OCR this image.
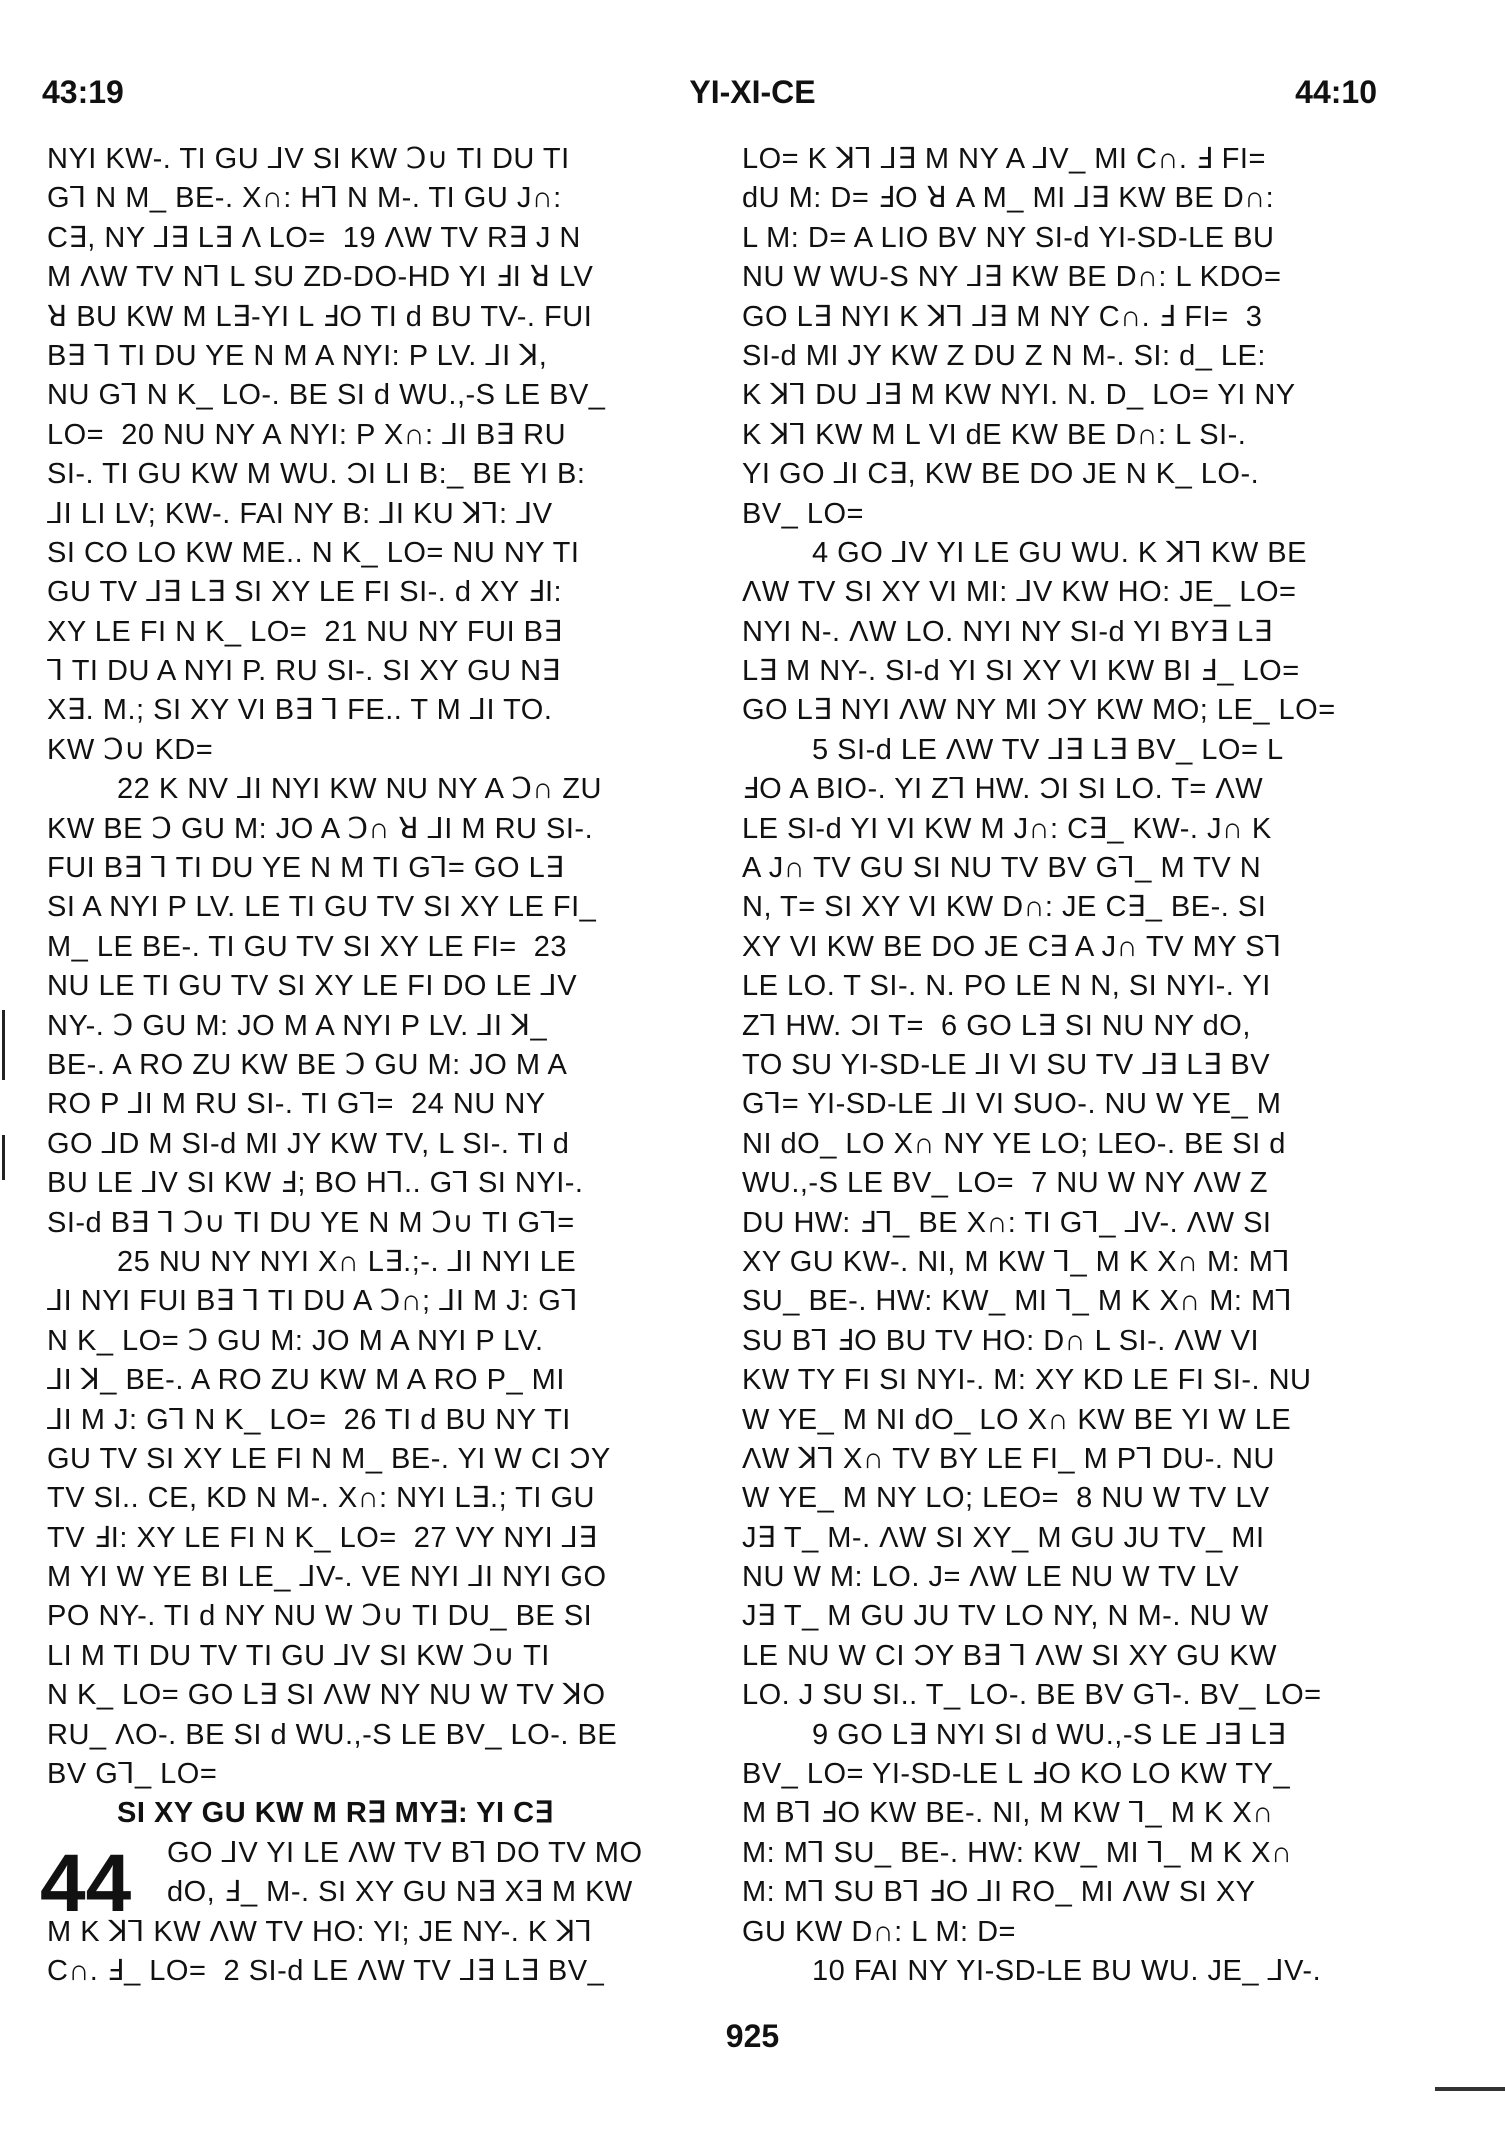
43:19	YI-XI-CE	44:10
NYI KW-. TI GU ⅃V SI KW Ↄ∪ TI DU TI
G⅂ N M_ BE-. X∩: H⅂ N M-. TI GU J∩:
C∃, NY ⅃∃ L∃ Λ LO=  19 ΛW TV R∃ J N
M ΛW TV N⅂ L SU ZD-DO-HD YI ℲI ꓤ LV
ꓤ BU KW M L∃-YI L ℲO TI d BU TV-. FUI
B∃ ⅂ TI DU YE N M A NYI: P LV. ⅃I ꓘ,
NU G⅂ N K_ LO-. BE SI d WU.,-S LE BV_
LO=  20 NU NY A NYI: P X∩: ⅃I B∃ RU
SI-. TI GU KW M WU. ƆI LI B:_ BE YI B:
⅃I LI LV; KW-. FAI NY B: ⅃I KU ꓘ⅂: ⅃V
SI CO LO KW ME.. N K_ LO= NU NY TI
GU TV ⅃∃ L∃ SI XY LE FI SI-. d XY ℲI:
XY LE FI N K_ LO=  21 NU NY FUI B∃
⅂ TI DU A NYI P. RU SI-. SI XY GU N∃
X∃. M.; SI XY VI B∃ ⅂ FE.. T M ⅃I TO.
KW Ↄ∪ KD=
22 K NV ⅃I NYI KW NU NY A Ↄ∩ ZU
KW BE Ↄ GU M: JO A Ↄ∩ ꓤ ⅃I M RU SI-.
FUI B∃ ⅂ TI DU YE N M TI G⅂= GO L∃
SI A NYI P LV. LE TI GU TV SI XY LE FI_
M_ LE BE-. TI GU TV SI XY LE FI=  23
NU LE TI GU TV SI XY LE FI DO LE ⅃V
NY-. Ↄ GU M: JO M A NYI P LV. ⅃I ꓘ_
BE-. A RO ZU KW BE Ↄ GU M: JO M A
RO P ⅃I M RU SI-. TI G⅂=  24 NU NY
GO ⅃D M SI-d MI JY KW TV, L SI-. TI d
BU LE ⅃V SI KW Ⅎ; BO H⅂.. G⅂ SI NYI-.
SI-d B∃ ⅂ Ↄ∪ TI DU YE N M Ↄ∪ TI G⅂=
25 NU NY NYI X∩ L∃.;-. ⅃I NYI LE
⅃I NYI FUI B∃ ⅂ TI DU A Ↄ∩; ⅃I M J: G⅂
N K_ LO= Ↄ GU M: JO M A NYI P LV.
⅃I ꓘ_ BE-. A RO ZU KW M A RO P_ MI
⅃I M J: G⅂ N K_ LO=  26 TI d BU NY TI
GU TV SI XY LE FI N M_ BE-. YI W CI ƆY
TV SI.. CE, KD N M-. X∩: NYI L∃.; TI GU
TV ℲI: XY LE FI N K_ LO=  27 VY NYI ⅃∃
M YI W YE BI LE_ ⅃V-. VE NYI ⅃I NYI GO
PO NY-. TI d NY NU W Ↄ∪ TI DU_ BE SI
LI M TI DU TV TI GU ⅃V SI KW Ↄ∪ TI
N K_ LO= GO L∃ SI ΛW NY NU W TV ꓘO
RU_ ΛO-. BE SI d WU.,-S LE BV_ LO-. BE
BV G⅂_ LO=
SI XY GU KW M R∃ MY∃: YI C∃
GO ⅃V YI LE ΛW TV B⅂ DO TV MO
dO, Ⅎ_ M-. SI XY GU N∃ X∃ M KW
M K ꓘ⅂ KW ΛW TV HO: YI; JE NY-. K ꓘ⅂
C∩. Ⅎ_ LO=  2 SI-d LE ΛW TV ⅃∃ L∃ BV_
44
LO= K ꓘ⅂ ⅃∃ M NY A ⅃V_ MI C∩. Ⅎ FI=
dU M: D= ℲO ꓤ A M_ MI ⅃∃ KW BE D∩:
L M: D= A LIO BV NY SI-d YI-SD-LE BU
NU W WU-S NY ⅃∃ KW BE D∩: L KDO=
GO L∃ NYI K ꓘ⅂ ⅃∃ M NY C∩. Ⅎ FI=  3
SI-d MI JY KW Z DU Z N M-. SI: d_ LE:
K ꓘ⅂ DU ⅃∃ M KW NYI. N. D_ LO= YI NY
K ꓘ⅂ KW M L VI dE KW BE D∩: L SI-.
YI GO ⅃I C∃, KW BE DO JE N K_ LO-.
BV_ LO=
4 GO ⅃V YI LE GU WU. K ꓘ⅂ KW BE
ΛW TV SI XY VI MI: ⅃V KW HO: JE_ LO=
NYI N-. ΛW LO. NYI NY SI-d YI BY∃ L∃
L∃ M NY-. SI-d YI SI XY VI KW BI Ⅎ_ LO=
GO L∃ NYI ΛW NY MI ƆY KW MO; LE_ LO=
5 SI-d LE ΛW TV ⅃∃ L∃ BV_ LO= L
ℲO A BIO-. YI Z⅂ HW. ƆI SI LO. T= ΛW
LE SI-d YI VI KW M J∩: C∃_ KW-. J∩ K
A J∩ TV GU SI NU TV BV G⅂_ M TV N
N, T= SI XY VI KW D∩: JE C∃_ BE-. SI
XY VI KW BE DO JE C∃ A J∩ TV MY S⅂
LE LO. T SI-. N. PO LE N N, SI NYI-. YI
Z⅂ HW. ƆI T=  6 GO L∃ SI NU NY dO,
TO SU YI-SD-LE ⅃I VI SU TV ⅃∃ L∃ BV
G⅂= YI-SD-LE ⅃I VI SUO-. NU W YE_ M
NI dO_ LO X∩ NY YE LO; LEO-. BE SI d
WU.,-S LE BV_ LO=  7 NU W NY ΛW Z
DU HW: Ⅎ⅂_ BE X∩: TI G⅂_ ⅃V-. ΛW SI
XY GU KW-. NI, M KW ⅂_ M K X∩ M: M⅂
SU_ BE-. HW: KW_ MI ⅂_ M K X∩ M: M⅂
SU B⅂ ℲO BU TV HO: D∩ L SI-. ΛW VI
KW TY FI SI NYI-. M: XY KD LE FI SI-. NU
W YE_ M NI dO_ LO X∩ KW BE YI W LE
ΛW ꓘ⅂ X∩ TV BY LE FI_ M P⅂ DU-. NU
W YE_ M NY LO; LEO=  8 NU W TV LV
J∃ T_ M-. ΛW SI XY_ M GU JU TV_ MI
NU W M: LO. J= ΛW LE NU W TV LV
J∃ T_ M GU JU TV LO NY, N M-. NU W
LE NU W CI ƆY B∃ ⅂ ΛW SI XY GU KW
LO. J SU SI.. T_ LO-. BE BV G⅂-. BV_ LO=
9 GO L∃ NYI SI d WU.,-S LE ⅃∃ L∃
BV_ LO= YI-SD-LE L ℲO KO LO KW TY_
M B⅂ ℲO KW BE-. NI, M KW ⅂_ M K X∩
M: M⅂ SU_ BE-. HW: KW_ MI ⅂_ M K X∩
M: M⅂ SU B⅂ ℲO ⅃I RO_ MI ΛW SI XY
GU KW D∩: L M: D=
10 FAI NY YI-SD-LE BU WU. JE_ ⅃V-.
925
